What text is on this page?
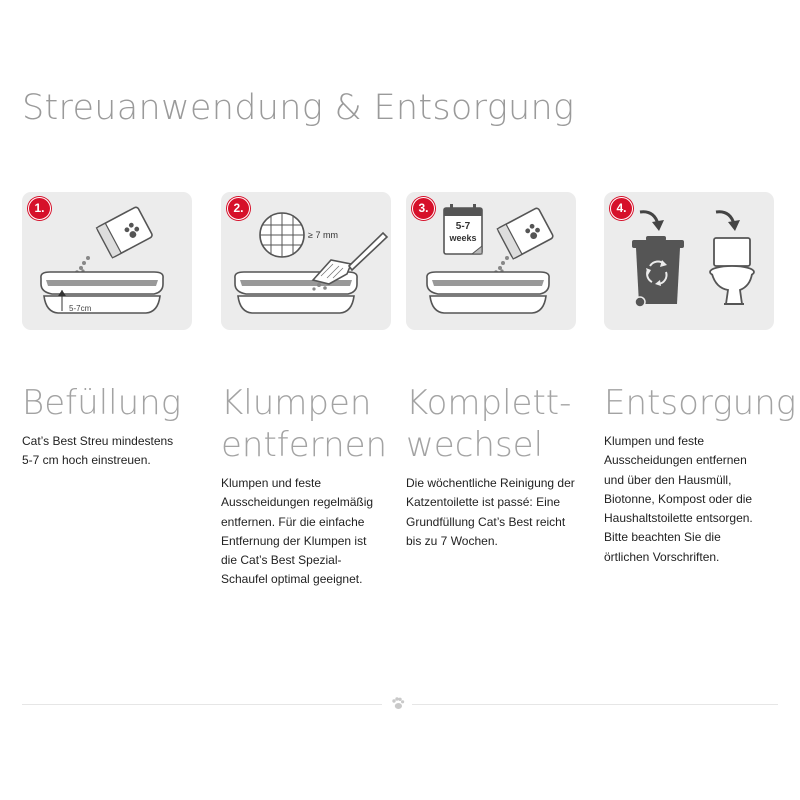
Streuanwendung & Entsorgung
1.
5-7cm
2.
≥ 7 mm
3.
5-7
weeks
4.
Befüllung Klumpen
entfernen
Komplett-
wechsel
Entsorgung

Cat’s Best Streu mindestens 5-7 cm hoch einstreuen.

Klumpen und feste Ausscheidungen regelmäßig entfernen. Für die einfache Entfernung der Klumpen ist die Cat’s Best Spezial-Schaufel optimal geeignet.

Die wöchentliche Reinigung der Katzentoilette ist passé: Eine Grundfüllung Cat’s Best reicht bis zu 7 Wochen.

Klumpen und feste Ausscheidungen entfernen und über den Hausmüll, Biotonne, Kompost oder die Haushaltstoilette entsorgen. Bitte beachten Sie die örtlichen Vorschriften.
